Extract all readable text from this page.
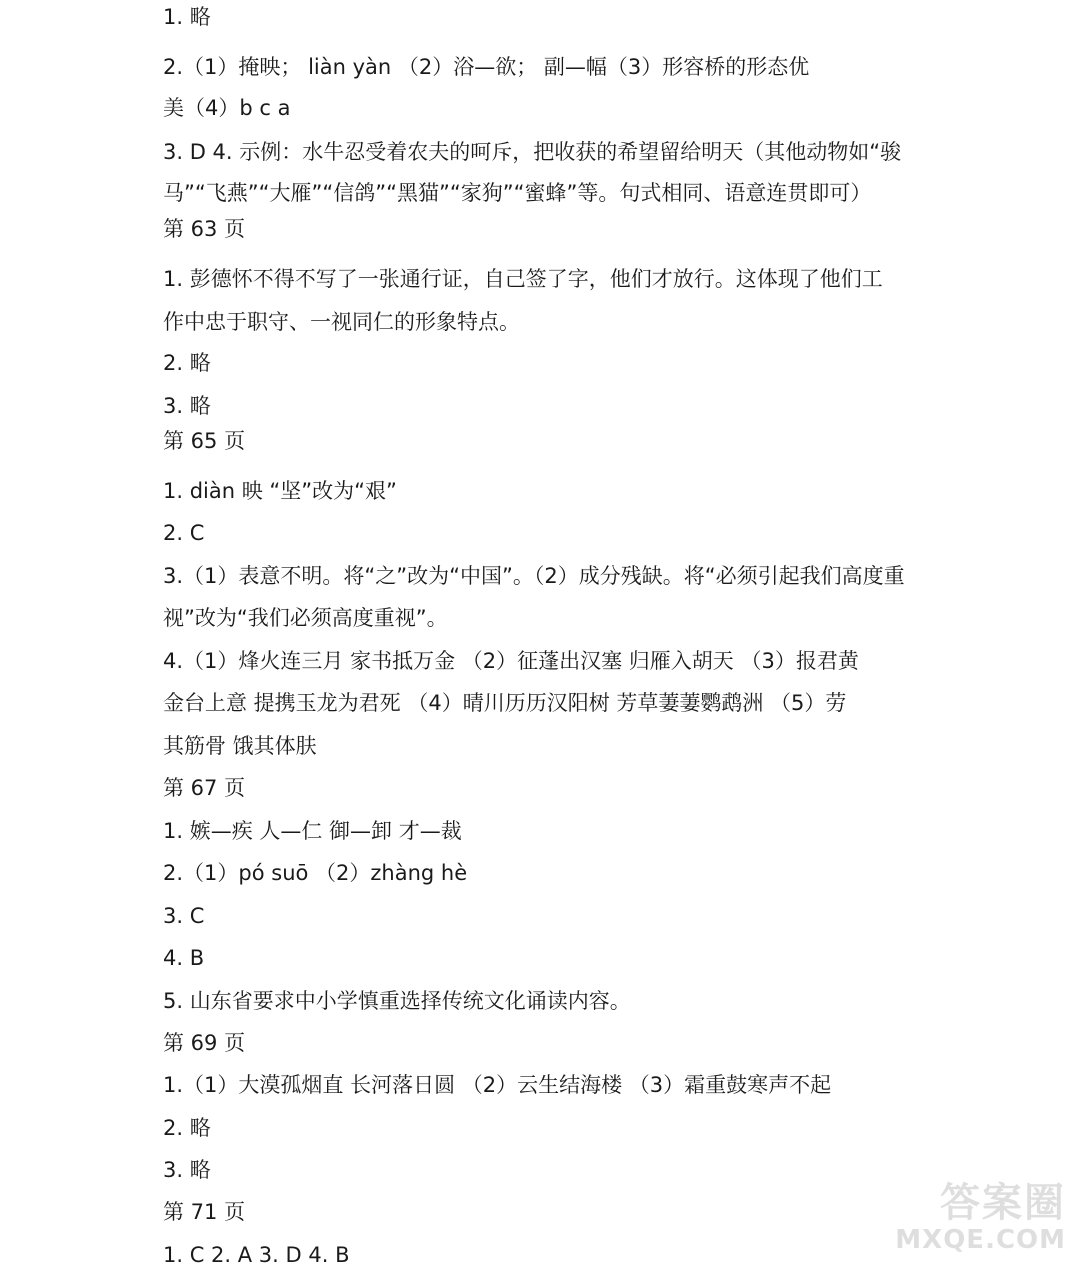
1. 略
2.（1）掩映； liàn yàn （2）浴—欲； 副—幅（3）形容桥的形态优
美（4）b c a
3. D 4. 示例：水牛忍受着农夫的呵斥，把收获的希望留给明天（其他动物如“骏
马”“飞燕”“大雁”“信鸽”“黑猫”“家狗”“蜜蜂”等。句式相同、语意连贯即可）
第 63 页
1. 彭德怀不得不写了一张通行证，自己签了字，他们才放行。这体现了他们工
作中忠于职守、一视同仁的形象特点。
2. 略
3. 略
第 65 页
1. diàn 映 “坚”改为“艰”
2. C
3.（1）表意不明。将“之”改为“中国”。（2）成分残缺。将“必须引起我们高度重
视”改为“我们必须高度重视”。
4.（1）烽火连三月 家书抵万金 （2）征蓬出汉塞 归雁入胡天 （3）报君黄
金台上意 提携玉龙为君死 （4）晴川历历汉阳树 芳草萋萋鹦鹉洲 （5）劳
其筋骨 饿其体肤
第 67 页
1. 嫉—疾 人—仁 御—卸 才—裁
2.（1）pó suō （2）zhàng hè
3. C
4. B
5. 山东省要求中小学慎重选择传统文化诵读内容。
第 69 页
1.（1）大漠孤烟直 长河落日圆 （2）云生结海楼 （3）霜重鼓寒声不起
2. 略
3. 略
第 71 页
1. C 2. A 3. D 4. B
答案圈
MXQE.COM
